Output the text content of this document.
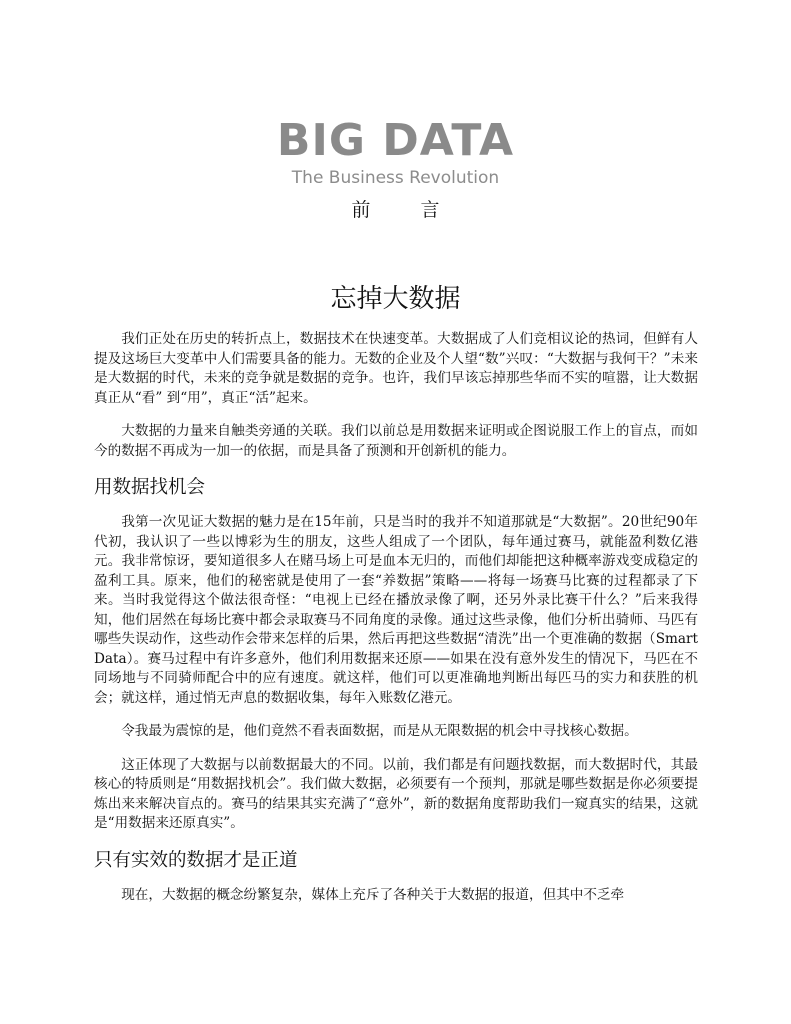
BIG DATA
The Business Revolution
前 言
忘掉大数据

我们正处在历史的转折点上，数据技术在快速变革。大数据成了人们竞相议论的热词，但鲜有人提及这场巨大变革中人们需要具备的能力。无数的企业及个人望“数”兴叹：“大数据与我何干？”未来是大数据的时代，未来的竞争就是数据的竞争。也许，我们早该忘掉那些华而不实的喧嚣，让大数据真正从“看” 到“用”，真正“活”起来。

大数据的力量来自触类旁通的关联。我们以前总是用数据来证明或企图说服工作上的盲点，而如今的数据不再成为一加一的依据，而是具备了预测和开创新机的能力。

用数据找机会

我第一次见证大数据的魅力是在15年前，只是当时的我并不知道那就是“大数据”。20世纪90年代初，我认识了一些以博彩为生的朋友，这些人组成了一个团队，每年通过赛马，就能盈利数亿港元。我非常惊讶，要知道很多人在赌马场上可是血本无归的，而他们却能把这种概率游戏变成稳定的盈利工具。原来，他们的秘密就是使用了一套“养数据”策略——将每一场赛马比赛的过程都录了下来。当时我觉得这个做法很奇怪：“电视上已经在播放录像了啊，还另外录比赛干什么？”后来我得知，他们居然在每场比赛中都会录取赛马不同角度的录像。通过这些录像，他们分析出骑师、马匹有哪些失误动作，这些动作会带来怎样的后果，然后再把这些数据“清洗”出一个更准确的数据（Smart　Data）。赛马过程中有许多意外，他们利用数据来还原——如果在没有意外发生的情况下，马匹在不同场地与不同骑师配合中的应有速度。就这样，他们可以更准确地判断出每匹马的实力和获胜的机会；就这样，通过悄无声息的数据收集，每年入账数亿港元。

令我最为震惊的是，他们竟然不看表面数据，而是从无限数据的机会中寻找核心数据。

这正体现了大数据与以前数据最大的不同。以前，我们都是有问题找数据，而大数据时代，其最核心的特质则是“用数据找机会”。我们做大数据，必须要有一个预判，那就是哪些数据是你必须要提炼出来来解决盲点的。赛马的结果其实充满了“意外”，新的数据角度帮助我们一窥真实的结果，这就是“用数据来还原真实”。

只有实效的数据才是正道

现在，大数据的概念纷繁复杂，媒体上充斥了各种关于大数据的报道，但其中不乏牵
